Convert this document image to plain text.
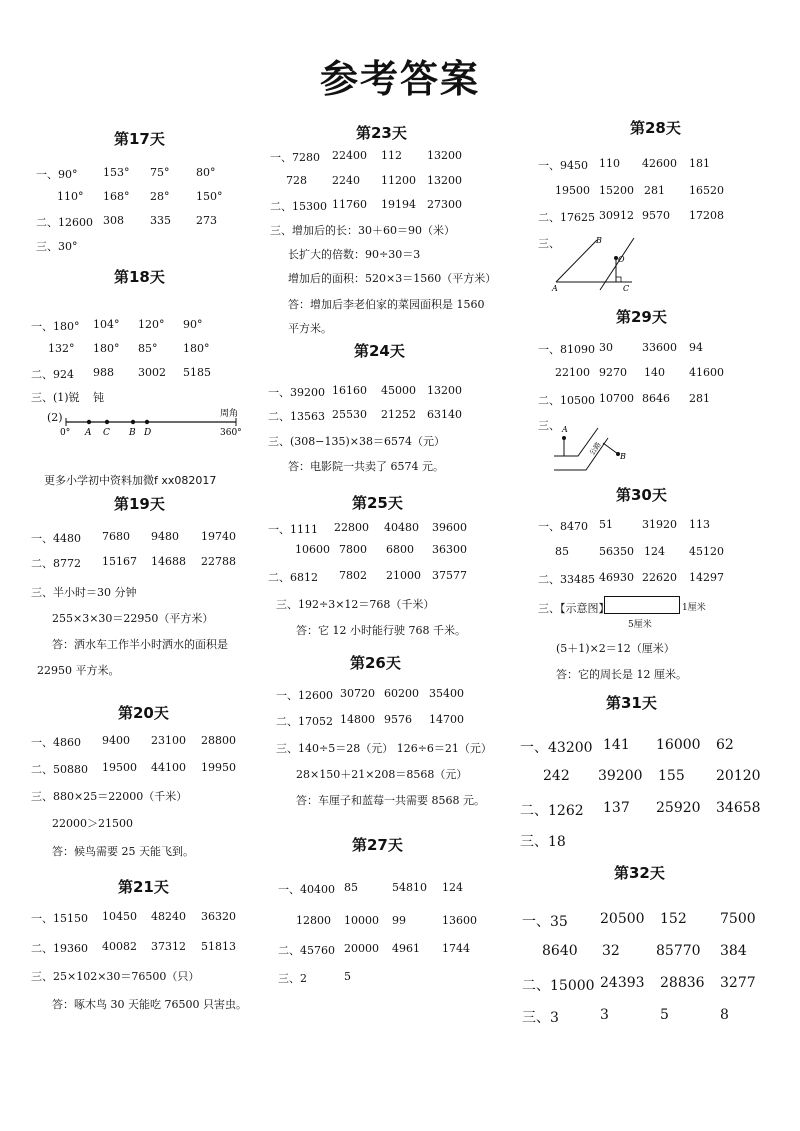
参考答案
第17天
一、90° 153° 75° 80°
110° 168° 28° 150°
二、12600 308 335 273
三、30°
第18天
一、180° 104° 120° 90°
132° 180° 85° 180°
二、924 988 3002 5185
三、(1)锐 钝
(2)	周角
0° A C B D	360°
更多小学初中资料加微f xx082017
第19天
一、4480 7680 9480 19740
二、8772 15167 14688 22788
三、半小时＝30 分钟
255×3×30＝22950（平方米）
答：洒水车工作半小时洒水的面积是
22950 平方米。
第20天
一、4860 9400 23100 28800
二、50880 19500 44100 19950
三、880×25＝22000（千米）
22000＞21500
答：候鸟需要 25 天能飞到。
第21天
一、15150 10450 48240 36320
二、19360 40082 37312 51813
三、25×102×30＝76500（只）
答：啄木鸟 30 天能吃 76500 只害虫。
第23天
一、7280 22400 112 13200
728 2240 11200 13200
二、15300 11760 19194 27300
三、增加后的长：30＋60＝90（米）
长扩大的倍数：90÷30＝3
增加后的面积：520×3＝1560（平方米）
答：增加后李老伯家的菜园面积是 1560
平方米。
第24天
一、39200 16160 45000 13200
二、13563 25530 21252 63140
三、(308−135)×38＝6574（元）
答：电影院一共卖了 6574 元。
第25天
一、1111 22800 40480 39600
10600 7800 6800 36300
二、6812 7802 21000 37577
三、192÷3×12＝768（千米）
答：它 12 小时能行驶 768 千米。
第26天
一、12600 30720 60200 35400
二、17052 14800 9576 14700
三、140÷5＝28（元） 126÷6＝21（元）
28×150＋21×208＝8568（元）
答：车厘子和蓝莓一共需要 8568 元。
第27天
一、40400 85	54810 124
12800 10000 99	13600
二、45760 20000 4961 1744
三、2	5
第28天
一、9450 110 42600 181
19500 15200 281 16520
二、17625 30912 9570 17208
三、	B
O
A	C
第29天
一、81090 30	33600 94
22100 9270 140 41600
二、10500 10700 8646 281
三、 A
B
公路
第30天
一、8470 51	31920 113
85	56350 124 45120
二、33485 46930 22620 14297
三、【示意图】	1厘米
5厘米
(5＋1)×2＝12（厘米）
答：它的周长是 12 厘米。
第31天
一、43200 141 16000 62
242 39200 155 20120
二、1262 137 25920 34658
三、18
第32天
一、35 20500 152 7500
8640 32	85770 384
二、15000 24393 28836 3277
三、3	3	5	8
